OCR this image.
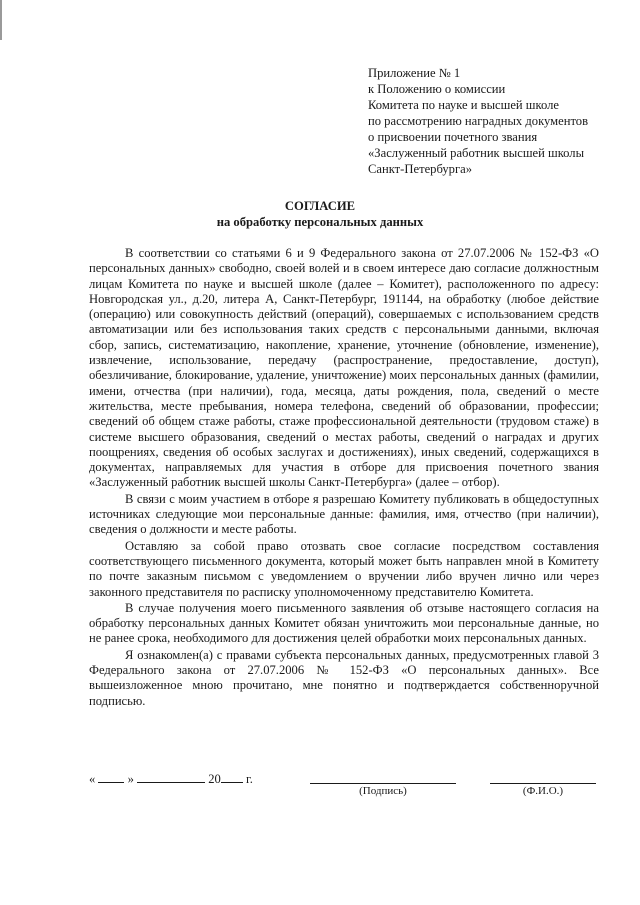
Приложение № 1
к Положению о комиссии
Комитета по науке и высшей школе
по рассмотрению наградных документов
о присвоении почетного звания
«Заслуженный работник высшей школы
Санкт-Петербурга»
СОГЛАСИЕ
на обработку персональных данных

В соответствии со статьями 6 и 9 Федерального закона от 27.07.2006 № 152-ФЗ «О персональных данных» свободно, своей волей и в своем интересе даю согласие должностным лицам Комитета по науке и высшей школе (далее – Комитет), расположенного по адресу: Новгородская ул., д.20, литера А, Санкт-Петербург, 191144, на обработку (любое действие (операцию) или совокупность действий (операций), совершаемых с использованием средств автоматизации или без использования таких средств с персональными данными, включая сбор, запись, систематизацию, накопление, хранение, уточнение (обновление, изменение), извлечение, использование, передачу (распространение, предоставление, доступ), обезличивание, блокирование, удаление, уничтожение) моих персональных данных (фамилии, имени, отчества (при наличии), года, месяца, даты рождения, пола, сведений о месте жительства, месте пребывания, номера телефона, сведений об образовании, профессии; сведений об общем стаже работы, стаже профессиональной деятельности (трудовом стаже) в системе высшего образования, сведений о местах работы, сведений о наградах и других поощрениях, сведения об особых заслугах и достижениях), иных сведений, содержащихся в документах, направляемых для участия в отборе для присвоения почетного звания «Заслуженный работник высшей школы Санкт-Петербурга» (далее – отбор).

В связи с моим участием в отборе я разрешаю Комитету публиковать в общедоступных источниках следующие мои персональные данные: фамилия, имя, отчество (при наличии), сведения о должности и месте работы.

Оставляю за собой право отозвать свое согласие посредством составления соответствующего письменного документа, который может быть направлен мной в Комитету по почте заказным письмом с уведомлением о вручении либо вручен лично или через законного представителя по расписку уполномоченному представителю Комитета.

В случае получения моего письменного заявления об отзыве настоящего согласия на обработку персональных данных Комитет обязан уничтожить мои персональные данные, но не ранее срока, необходимого для достижения целей обработки моих персональных данных.

Я ознакомлен(а) с правами субъекта персональных данных, предусмотренных главой 3 Федерального закона от 27.07.2006 № 152-ФЗ «О персональных данных». Все вышеизложенное мною прочитано, мне понятно и подтверждается собственноручной подписью.

«	»	20 г.
(Подпись)	(Ф.И.О.)
